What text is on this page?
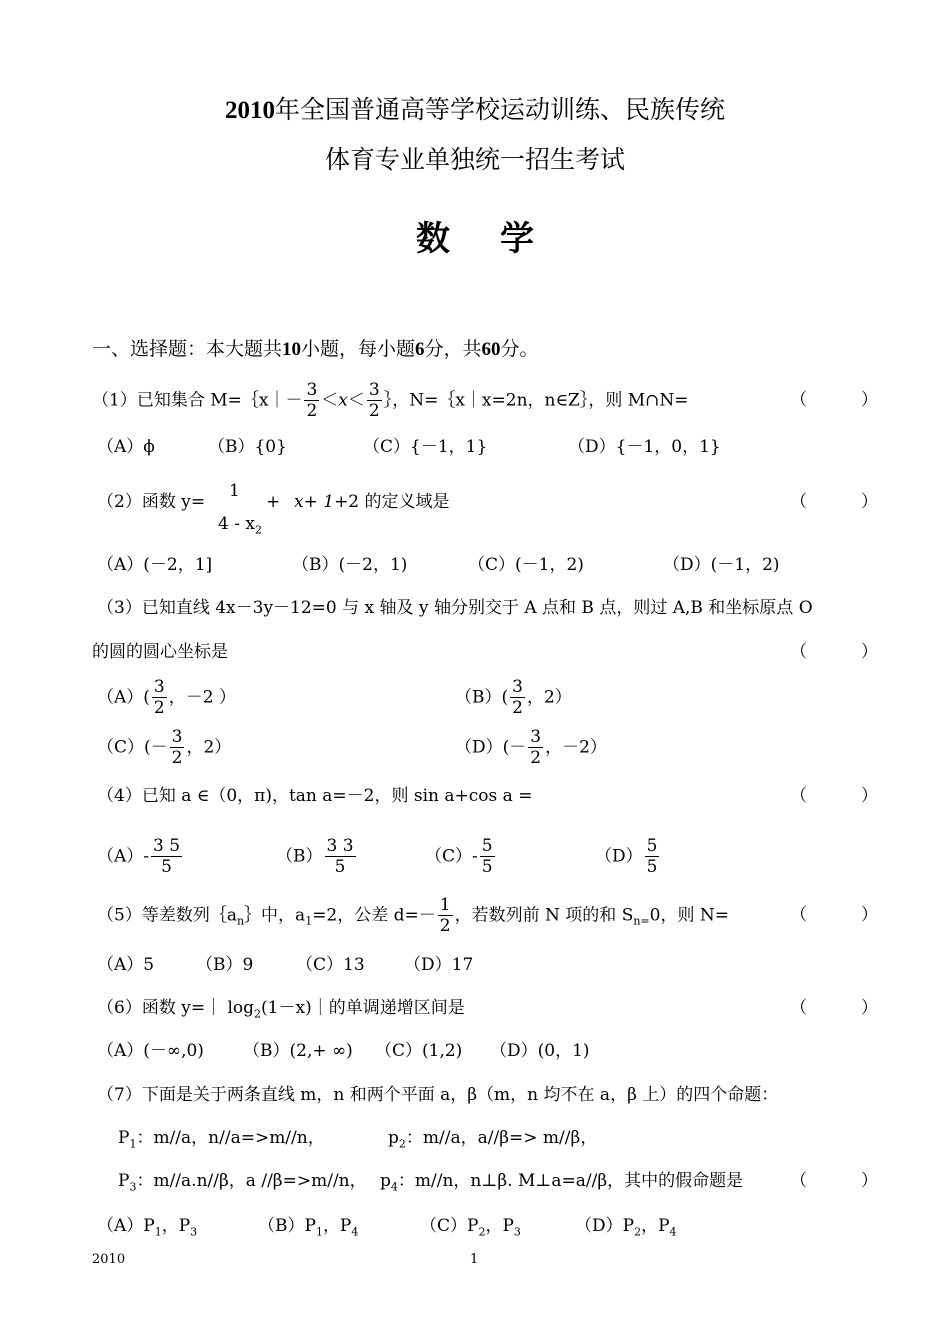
2010年全国普通高等学校运动训练、民族传统
体育专业单独统一招生考试
数学
一、选择题：本大题共10小题，每小题6分，共60分。
（1）已知集合 M=｛x｜－ $\frac{3}{2} <x< \frac{3}{2}$ ｝，N=｛x｜x=2n，n∈Z｝，则 M∩N=	（          ）
（A）ϕ	（B）{0}	（C）{－1，1}	（D）{－1，0，1}
（2）函数 y=
1
$4 - x_2$
+ x+ 1+2 的定义域是	（          ）
（A）(－2，1]	（B）(－2，1)	（C）(－1，2)	（D）(－1，2)
（3）已知直线 4x－3y－12=0 与 x 轴及 y 轴分别交于 A 点和 B 点，则过 A,B 和坐标原点 O
的圆的圆心坐标是	（          ）
$(A)( \frac{3}{2}$ ，－2 ）	$(B)( \frac{3}{2}$ ，2）
$(C)(- \frac{3}{2}$ ，2）	$(D)(- \frac{3}{2}$ ，－2）
（4）已知 a ∈（0，π)，tan a=－2，则 sin a+cos a =	（          ）
$(A)- \frac{3 5}{5}$	$(B) \frac{3 3}{5}$	$(C)- \frac{5}{5}$	$(D) \frac{5}{5}$
（5）等差数列$\{a_n\}$中，$a_1=2$，公差 $d=- \frac{1}{2}$ ，若数列前 N 项的和 $S_{n=}0$，则 N=	（          ）
（A）5 （B）9	（C）13 （D）17
（6）函数 y=｜ $\log_2(1-x)|$的单调递增区间是	（          ）
（A）(－∞,0) （B）(2,+ ∞) （C）(1,2) （D）(0，1)
（7）下面是关于两条直线 m，n 和两个平面 a，β（m，n 均不在 a，β 上）的四个命题：
$P_1$：m//a，n//a=>m//n，	$p_2$：m//a，a//β=> m//β，
$P_3$：m//a.n//β，a //β=>m//n， $p_4$：m//n，n⊥β. M⊥a=a//β，其中的假命题是	（          ）
$(A)P_1$，$P_3$	$(B)P_1$，$P_4$	$(C)P_2$，$P_3$	$(D)P_2$，$P_4$
2010	1
